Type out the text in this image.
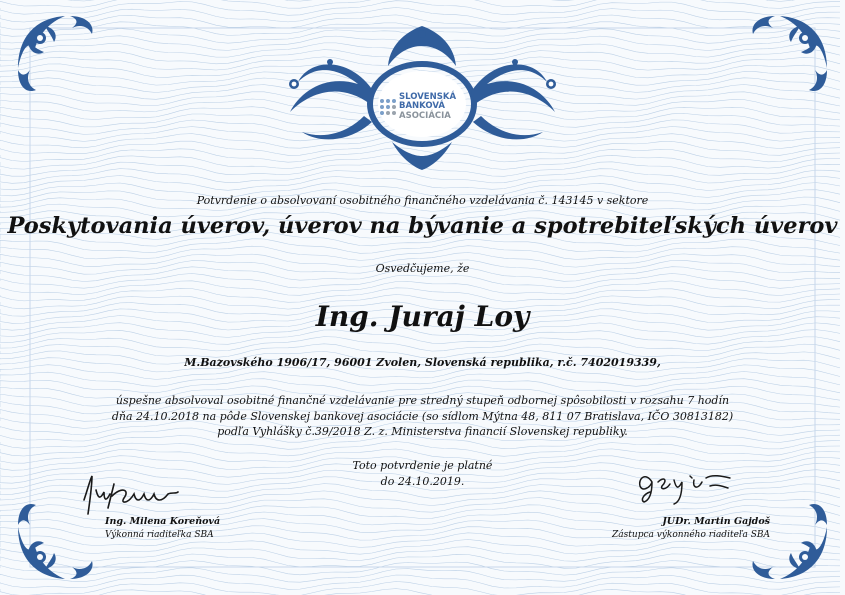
SLOVENSKÁ
BANKOVÁ
ASOCIÁCIA
Potvrdenie o absolvovaní osobitného finančného vzdelávania č. 143145 v sektore
Poskytovania úverov, úverov na bývanie a spotrebiteľských úverov
Osvedčujeme, že
Ing. Juraj Loy
M.Bazovského 1906/17, 96001 Zvolen, Slovenská republika, r.č. 7402019339,
úspešne absolvoval osobitné finančné vzdelávanie pre stredný stupeň odbornej spôsobilosti v rozsahu 7 hodín
dňa 24.10.2018 na pôde Slovenskej bankovej asociácie (so sídlom Mýtna 48, 811 07 Bratislava, IČO 30813182)
podľa Vyhlášky č.39/2018 Z. z. Ministerstva financií Slovenskej republiky.
Toto potvrdenie je platné
do 24.10.2019.
Ing. Milena Koreňová
Výkonná riaditeľka SBA
JUDr. Martin Gajdoš
Zástupca výkonného riaditeľa SBA
